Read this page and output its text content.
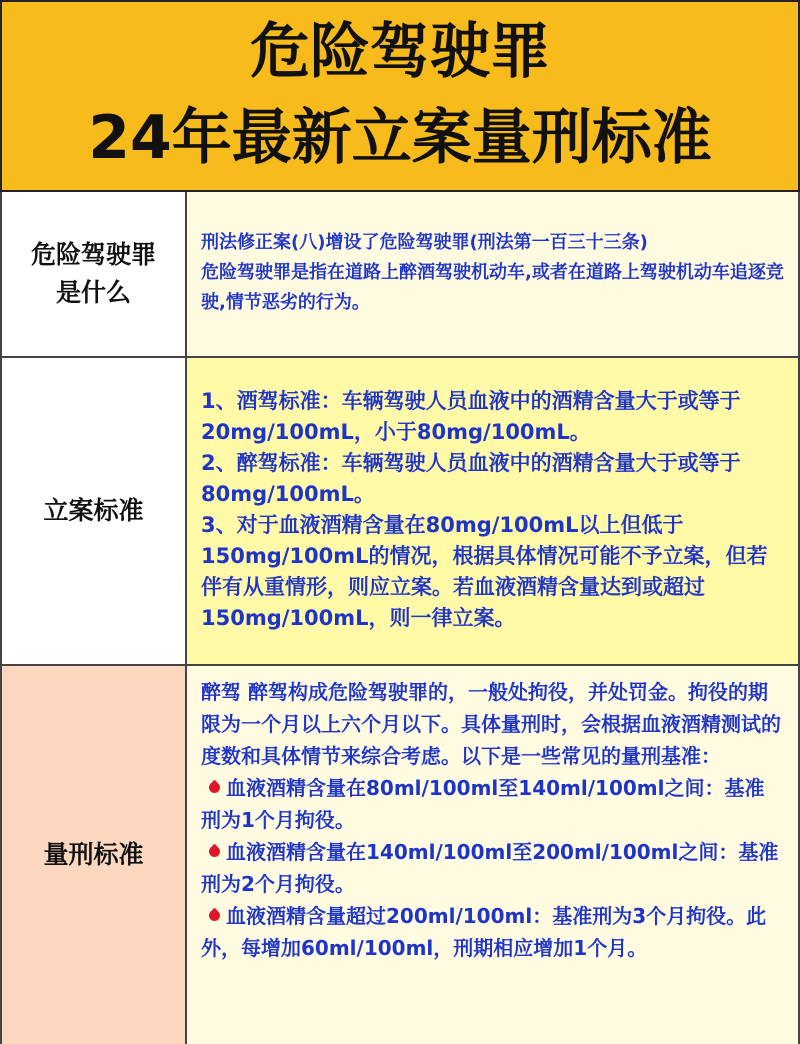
危险驾驶罪
24年最新立案量刑标准
危险驾驶罪是什么

刑法修正案(八)增设了危险驾驶罪(刑法第一百三十三条)

危险驾驶罪是指在道路上醉酒驾驶机动车,或者在道路上驾驶机动车追逐竞驶,情节恶劣的行为。

立案标准

1、酒驾标准：车辆驾驶人员血液中的酒精含量大于或等于20mg/100mL，小于80mg/100mL。

2、醉驾标准：车辆驾驶人员血液中的酒精含量大于或等于80mg/100mL。

3、对于血液酒精含量在80mg/100mL以上但低于150mg/100mL的情况，根据具体情况可能不予立案，但若伴有从重情形，则应立案。若血液酒精含量达到或超过150mg/100mL，则一律立案。

量刑标准

醉驾 醉驾构成危险驾驶罪的，一般处拘役，并处罚金。拘役的期限为一个月以上六个月以下。具体量刑时，会根据血液酒精测试的度数和具体情节来综合考虑。以下是一些常见的量刑基准：

血液酒精含量在80ml/100ml至140ml/100ml之间：基准刑为1个月拘役。

血液酒精含量在140ml/100ml至200ml/100ml之间：基准刑为2个月拘役。

血液酒精含量超过200ml/100ml：基准刑为3个月拘役。此外，每增加60ml/100ml，刑期相应增加1个月。
